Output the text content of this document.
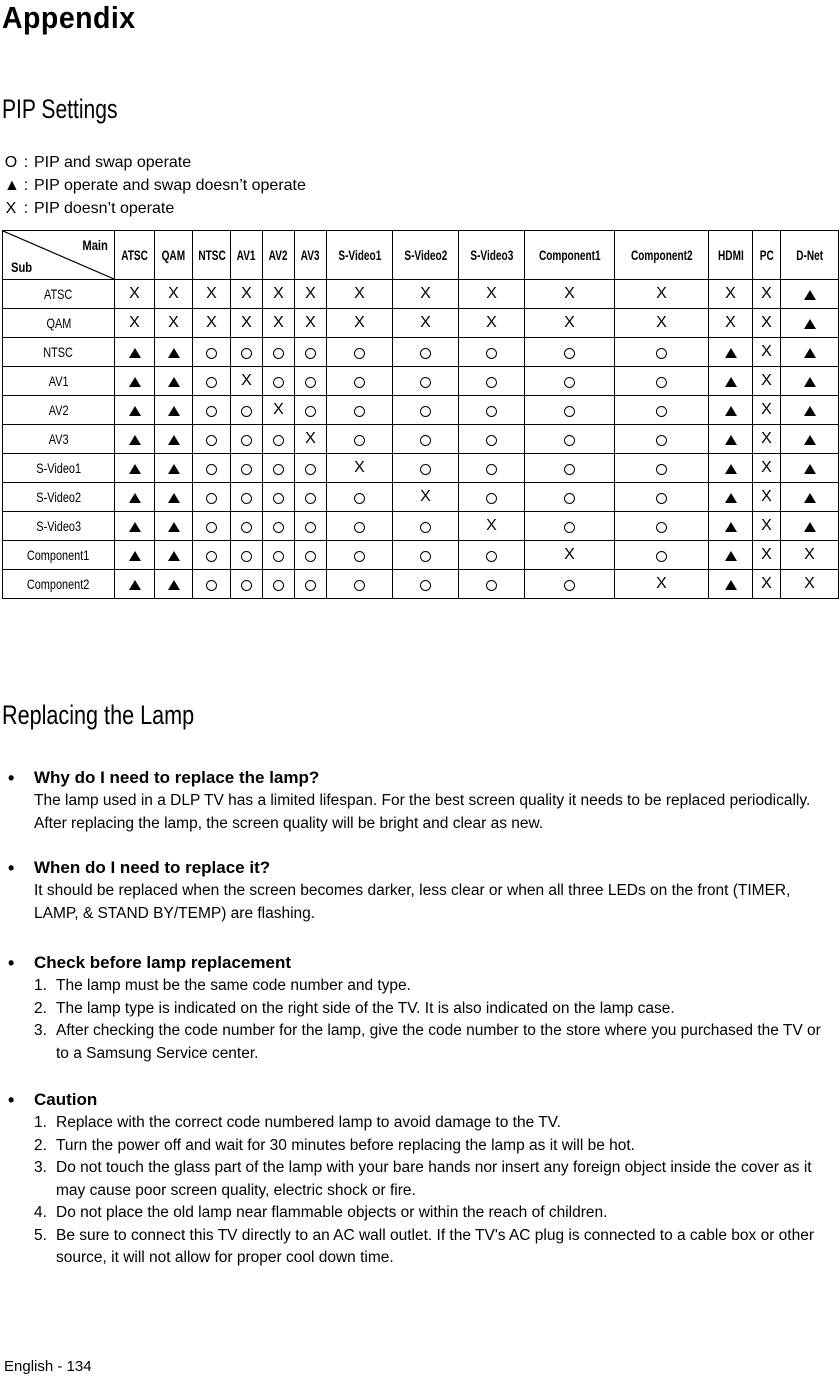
Appendix
PIP Settings
O : PIP and swap operate
▲ : PIP operate and swap doesn’t operate
X : PIP doesn’t operate
Main
Sub	ATSC	QAM	NTSC	AV1	AV2	AV3	S-Video1	S-Video2	S-Video3	Component1	Component2	HDMI	PC	D-Net
ATSC	X	X	X	X	X	X	X	X	X	X	X	X	X	
QAM	X	X	X	X	X	X	X	X	X	X	X	X	X	
NTSC													X	
AV1				X									X	
AV2					X								X	
AV3						X							X	
S-Video1							X						X	
S-Video2								X					X	
S-Video3									X				X	
Component1										X			X	X
Component2											X		X	X
Replacing the Lamp
•	Why do I need to replace the lamp?
The lamp used in a DLP TV has a limited lifespan. For the best screen quality it needs to be replaced periodically. After replacing the lamp, the screen quality will be bright and clear as new.
•	When do I need to replace it?
It should be replaced when the screen becomes darker, less clear or when all three LEDs on the front (TIMER, LAMP, & STAND BY/TEMP) are flashing.
•	Check before lamp replacement
1. The lamp must be the same code number and type.
2. The lamp type is indicated on the right side of the TV. It is also indicated on the lamp case.
3. After checking the code number for the lamp, give the code number to the store where you purchased the TV or to a Samsung Service center.
•	Caution
1. Replace with the correct code numbered lamp to avoid damage to the TV.
2. Turn the power off and wait for 30 minutes before replacing the lamp as it will be hot.
3. Do not touch the glass part of the lamp with your bare hands nor insert any foreign object inside the cover as it may cause poor screen quality, electric shock or fire.
4. Do not place the old lamp near flammable objects or within the reach of children.
5. Be sure to connect this TV directly to an AC wall outlet. If the TV's AC plug is connected to a cable box or other source, it will not allow for proper cool down time.
English - 134
